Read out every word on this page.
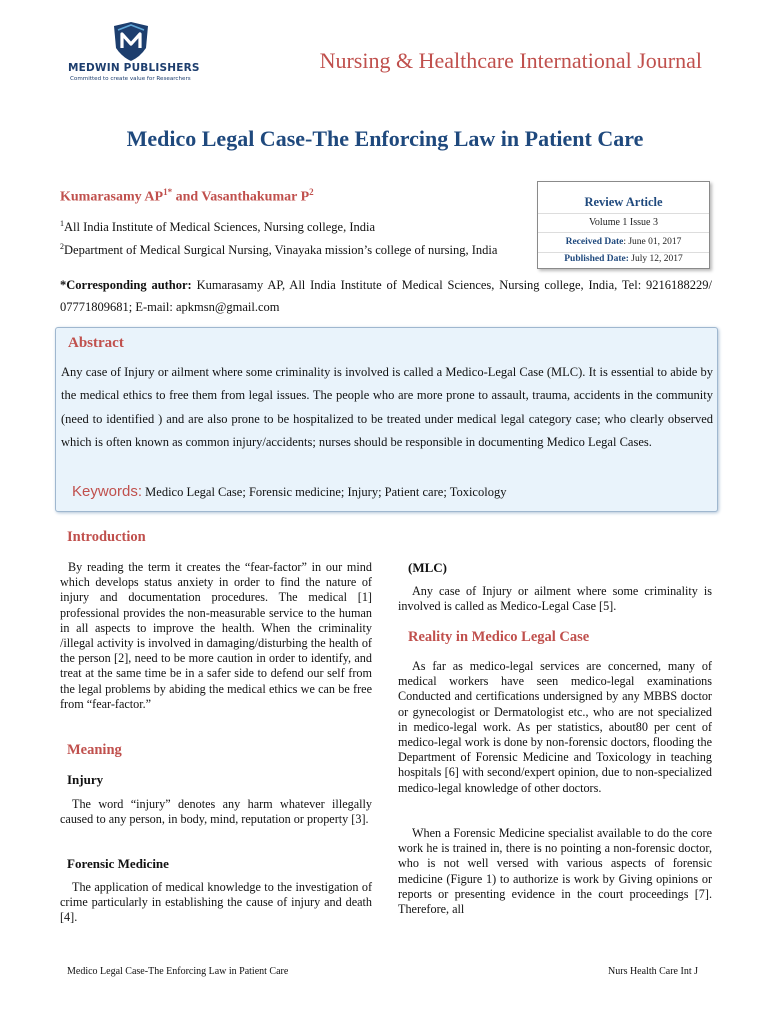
MEDWIN PUBLISHERS
Committed to create value for Researchers
Nursing & Healthcare International Journal
Medico Legal Case-The Enforcing Law in Patient Care
Kumarasamy $AP^{1*}$ and Vasanthakumar $P^2$
$^1$All India Institute of Medical Sciences, Nursing college, India
$^2$Department of Medical Surgical Nursing, Vinayaka mission’s college of nursing, India
Review Article
Volume 1 Issue 3
Received Date: June 01, 2017
Published Date: July 12, 2017
*Corresponding author: Kumarasamy AP, All India Institute of Medical Sciences, Nursing college, India, Tel: 9216188229/ 07771809681; E-mail: apkmsn@gmail.com
Abstract
Any case of Injury or ailment where some criminality is involved is called a Medico-Legal Case (MLC). It is essential to abide by the medical ethics to free them from legal issues. The people who are more prone to assault, trauma, accidents in the community (need to identified ) and are also prone to be hospitalized to be treated under medical legal category case; who clearly observed which is often known as common injury/accidents; nurses should be responsible in documenting Medico Legal Cases.
Keywords: Medico Legal Case; Forensic medicine; Injury; Patient care; Toxicology
Introduction
By reading the term it creates the “fear-factor” in our mind which develops status anxiety in order to find the nature of injury and documentation procedures. The medical [1] professional provides the non-measurable service to the human in all aspects to improve the health. When the criminality /illegal activity is involved in damaging/disturbing the health of the person [2], need to be more caution in order to identify, and treat at the same time be in a safer side to defend our self from the legal problems by abiding the medical ethics we can be free from “fear-factor.”
Meaning
Injury
The word “injury” denotes any harm whatever illegally caused to any person, in body, mind, reputation or property [3].
Forensic Medicine
The application of medical knowledge to the investigation of crime particularly in establishing the cause of injury and death [4].
(MLC)
Any case of Injury or ailment where some criminality is involved is called as Medico-Legal Case [5].
Reality in Medico Legal Case
As far as medico-legal services are concerned, many of medical workers have seen medico-legal examinations Conducted and certifications undersigned by any MBBS doctor or gynecologist or Dermatologist etc., who are not specialized in medico-legal work. As per statistics, about80 per cent of medico-legal work is done by non-forensic doctors, flooding the Department of Forensic Medicine and Toxicology in teaching hospitals [6] with second/expert opinion, due to non-specialized medico-legal knowledge of other doctors.
When a Forensic Medicine specialist available to do the core work he is trained in, there is no pointing a non-forensic doctor, who is not well versed with various aspects of forensic medicine (Figure 1) to authorize is work by Giving opinions or reports or presenting evidence in the court proceedings [7]. Therefore, all
Medico Legal Case-The Enforcing Law in Patient Care	Nurs Health Care Int J
